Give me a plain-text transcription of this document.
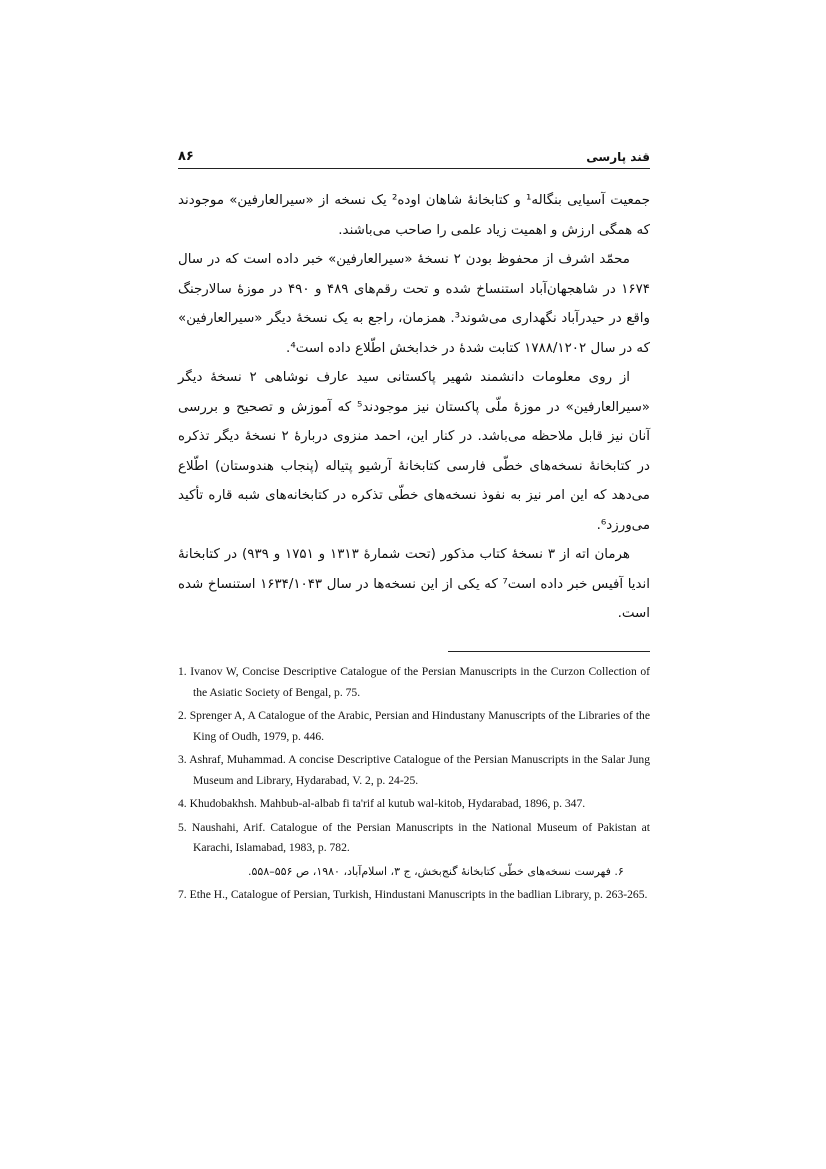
۸۶	قند پارسی

جمعیت آسیایی بنگاله¹ و کتابخانهٔ شاهان اوده² یک نسخه از «سیرالعارفین» موجودند که همگی ارزش و اهمیت زیاد علمی را صاحب می‌باشند.

محمّد اشرف از محفوظ بودن ۲ نسخهٔ «سیرالعارفین» خبر داده است که در سال ۱۶۷۴ در شاهجهان‌آباد استنساخ شده و تحت رقم‌های ۴۸۹ و ۴۹۰ در موزهٔ سالارجنگ واقع در حیدرآباد نگهداری می‌شوند³. همزمان، راجع به یک نسخهٔ دیگر «سیرالعارفین» که در سال ۱۷۸۸/۱۲۰۲ کتابت شدهٔ در خدابخش اطّلاع داده است⁴.

از روی معلومات دانشمند شهیر پاکستانی سید عارف نوشاهی ۲ نسخهٔ دیگر «سیرالعارفین» در موزهٔ ملّی پاکستان نیز موجودند⁵ که آموزش و تصحیح و بررسی آنان نیز قابل ملاحظه می‌باشد. در کنار این، احمد منزوی دربارهٔ ۲ نسخهٔ دیگر تذکره در کتابخانهٔ نسخه‌های خطّی فارسی کتابخانهٔ آرشیو پتیاله (پنجاب هندوستان) اطّلاع می‌دهد که این امر نیز به نفوذ نسخه‌های خطّی تذکره در کتابخانه‌های شبه قاره تأکید می‌ورزد⁶.

هرمان اته از ۳ نسخهٔ کتاب مذکور (تحت شمارهٔ ۱۳۱۳ و ۱۷۵۱ و ۹۳۹) در کتابخانهٔ اندیا آفیس خبر داده است⁷ که یکی از این نسخه‌ها در سال ۱۶۳۴/۱۰۴۳ استنساخ شده است.

1. Ivanov W, Concise Descriptive Catalogue of the Persian Manuscripts in the Curzon Collection of the Asiatic Society of Bengal, p. 75.

2. Sprenger A, A Catalogue of the Arabic, Persian and Hindustany Manuscripts of the Libraries of the King of Oudh, 1979, p. 446.

3. Ashraf, Muhammad. A concise Descriptive Catalogue of the Persian Manuscripts in the Salar Jung Museum and Library, Hydarabad, V. 2, p. 24-25.

4. Khudobakhsh. Mahbub-al-albab fi ta'rif al kutub wal-kitob, Hydarabad, 1896, p. 347.

5. Naushahi, Arif. Catalogue of the Persian Manuscripts in the National Museum of Pakistan at Karachi, Islamabad, 1983, p. 782.

۶. فهرست نسخه‌های خطّی کتابخانهٔ گنج‌بخش، ج ۳، اسلام‌آباد، ۱۹۸۰، ص ۵۵۶–۵۵۸.

7. Ethe H., Catalogue of Persian, Turkish, Hindustani Manuscripts in the badlian Library, p. 263-265.
